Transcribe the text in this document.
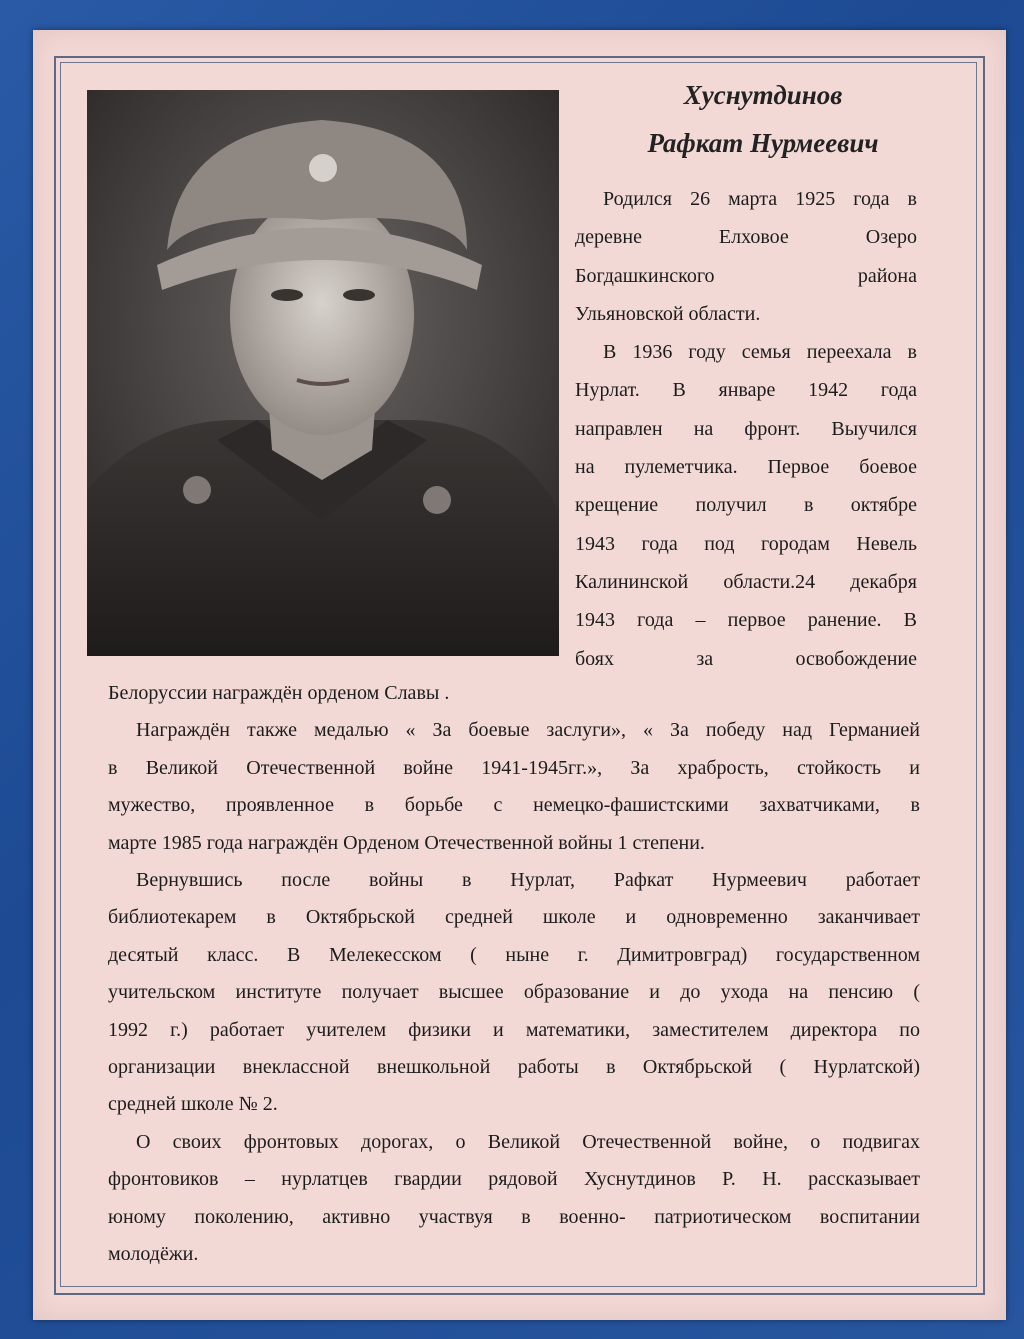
Хуснутдинов
Рафкат Нурмеевич
Родился 26 марта 1925 года в
деревне Елховое Озеро
Богдашкинского района
Ульяновской области.
В 1936 году семья переехала в
Нурлат. В январе 1942 года
направлен на фронт. Выучился
на пулеметчика. Первое боевое
крещение получил в октябре
1943 года под городам Невель
Калининской области.24 декабря
1943 года – первое ранение. В
боях за освобождение
Белоруссии награждён орденом Славы .
Награждён также медалью « За боевые заслуги», « За победу над Германией
в Великой Отечественной войне 1941-1945гг.», За храбрость, стойкость и
мужество, проявленное в борьбе с немецко-фашистскими захватчиками, в
марте 1985 года награждён Орденом Отечественной войны 1 степени.
Вернувшись после войны в Нурлат, Рафкат Нурмеевич работает
библиотекарем в Октябрьской средней школе и одновременно заканчивает
десятый класс. В Мелекесском ( ныне г. Димитровград) государственном
учительском институте получает высшее образование и до ухода на пенсию (
1992 г.) работает учителем физики и математики, заместителем директора по
организации внеклассной внешкольной работы в Октябрьской ( Нурлатской)
средней школе № 2.
О своих фронтовых дорогах, о Великой Отечественной войне, о подвигах
фронтовиков – нурлатцев гвардии рядовой Хуснутдинов Р. Н. рассказывает
юному поколению, активно участвуя в военно- патриотическом воспитании
молодёжи.
